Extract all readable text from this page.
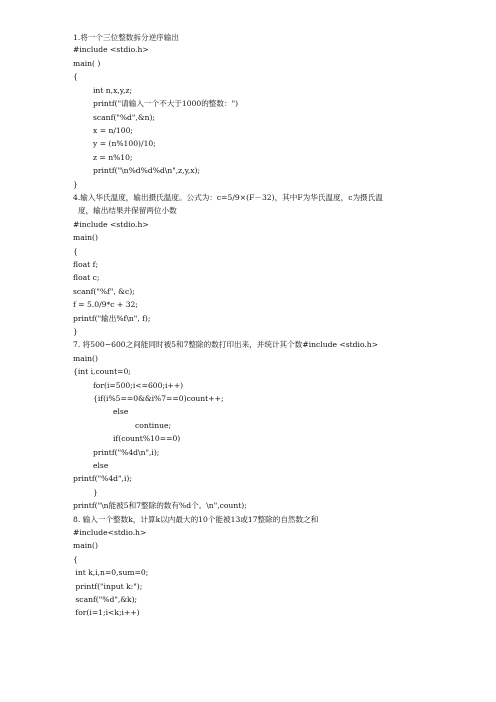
1.将一个三位整数拆分逆序输出
#include <stdio.h>
main( )
{
int n,x,y,z;
printf("请输入一个不大于1000的整数：")
scanf("%d",&n);
x = n/100;
y = (n%100)/10;
z = n%10;
printf("\n%d%d%d\n",z,y,x);
}
4.输入华氏温度，输出摄氏温度。公式为：c=5/9×(F－32)，其中F为华氏温度，c为摄氏温
度，输出结果并保留两位小数
#include <stdio.h>
main()
{
float f;
float c;
scanf("%f", &c);
f = 5.0/9*c + 32;
printf("输出%f\n", f);
}
7. 将500~600之间能同时被5和7整除的数打印出来，并统计其个数#include <stdio.h>
main()
{int i,count=0;
for(i=500;i<=600;i++)
{if(i%5==0&&i%7==0)count++;
else
continue;
if(count%10==0)
printf("%4d\n",i);
else
printf("%4d",i);
}
printf("\n能被5和7整除的数有%d个。\n",count);
8. 输入一个整数k，计算k以内最大的10个能被13或17整除的自然数之和
#include<stdio.h>
main()
{
int k,i,n=0,sum=0;
printf("input k:");
scanf("%d",&k);
for(i=1;i<k;i++)
